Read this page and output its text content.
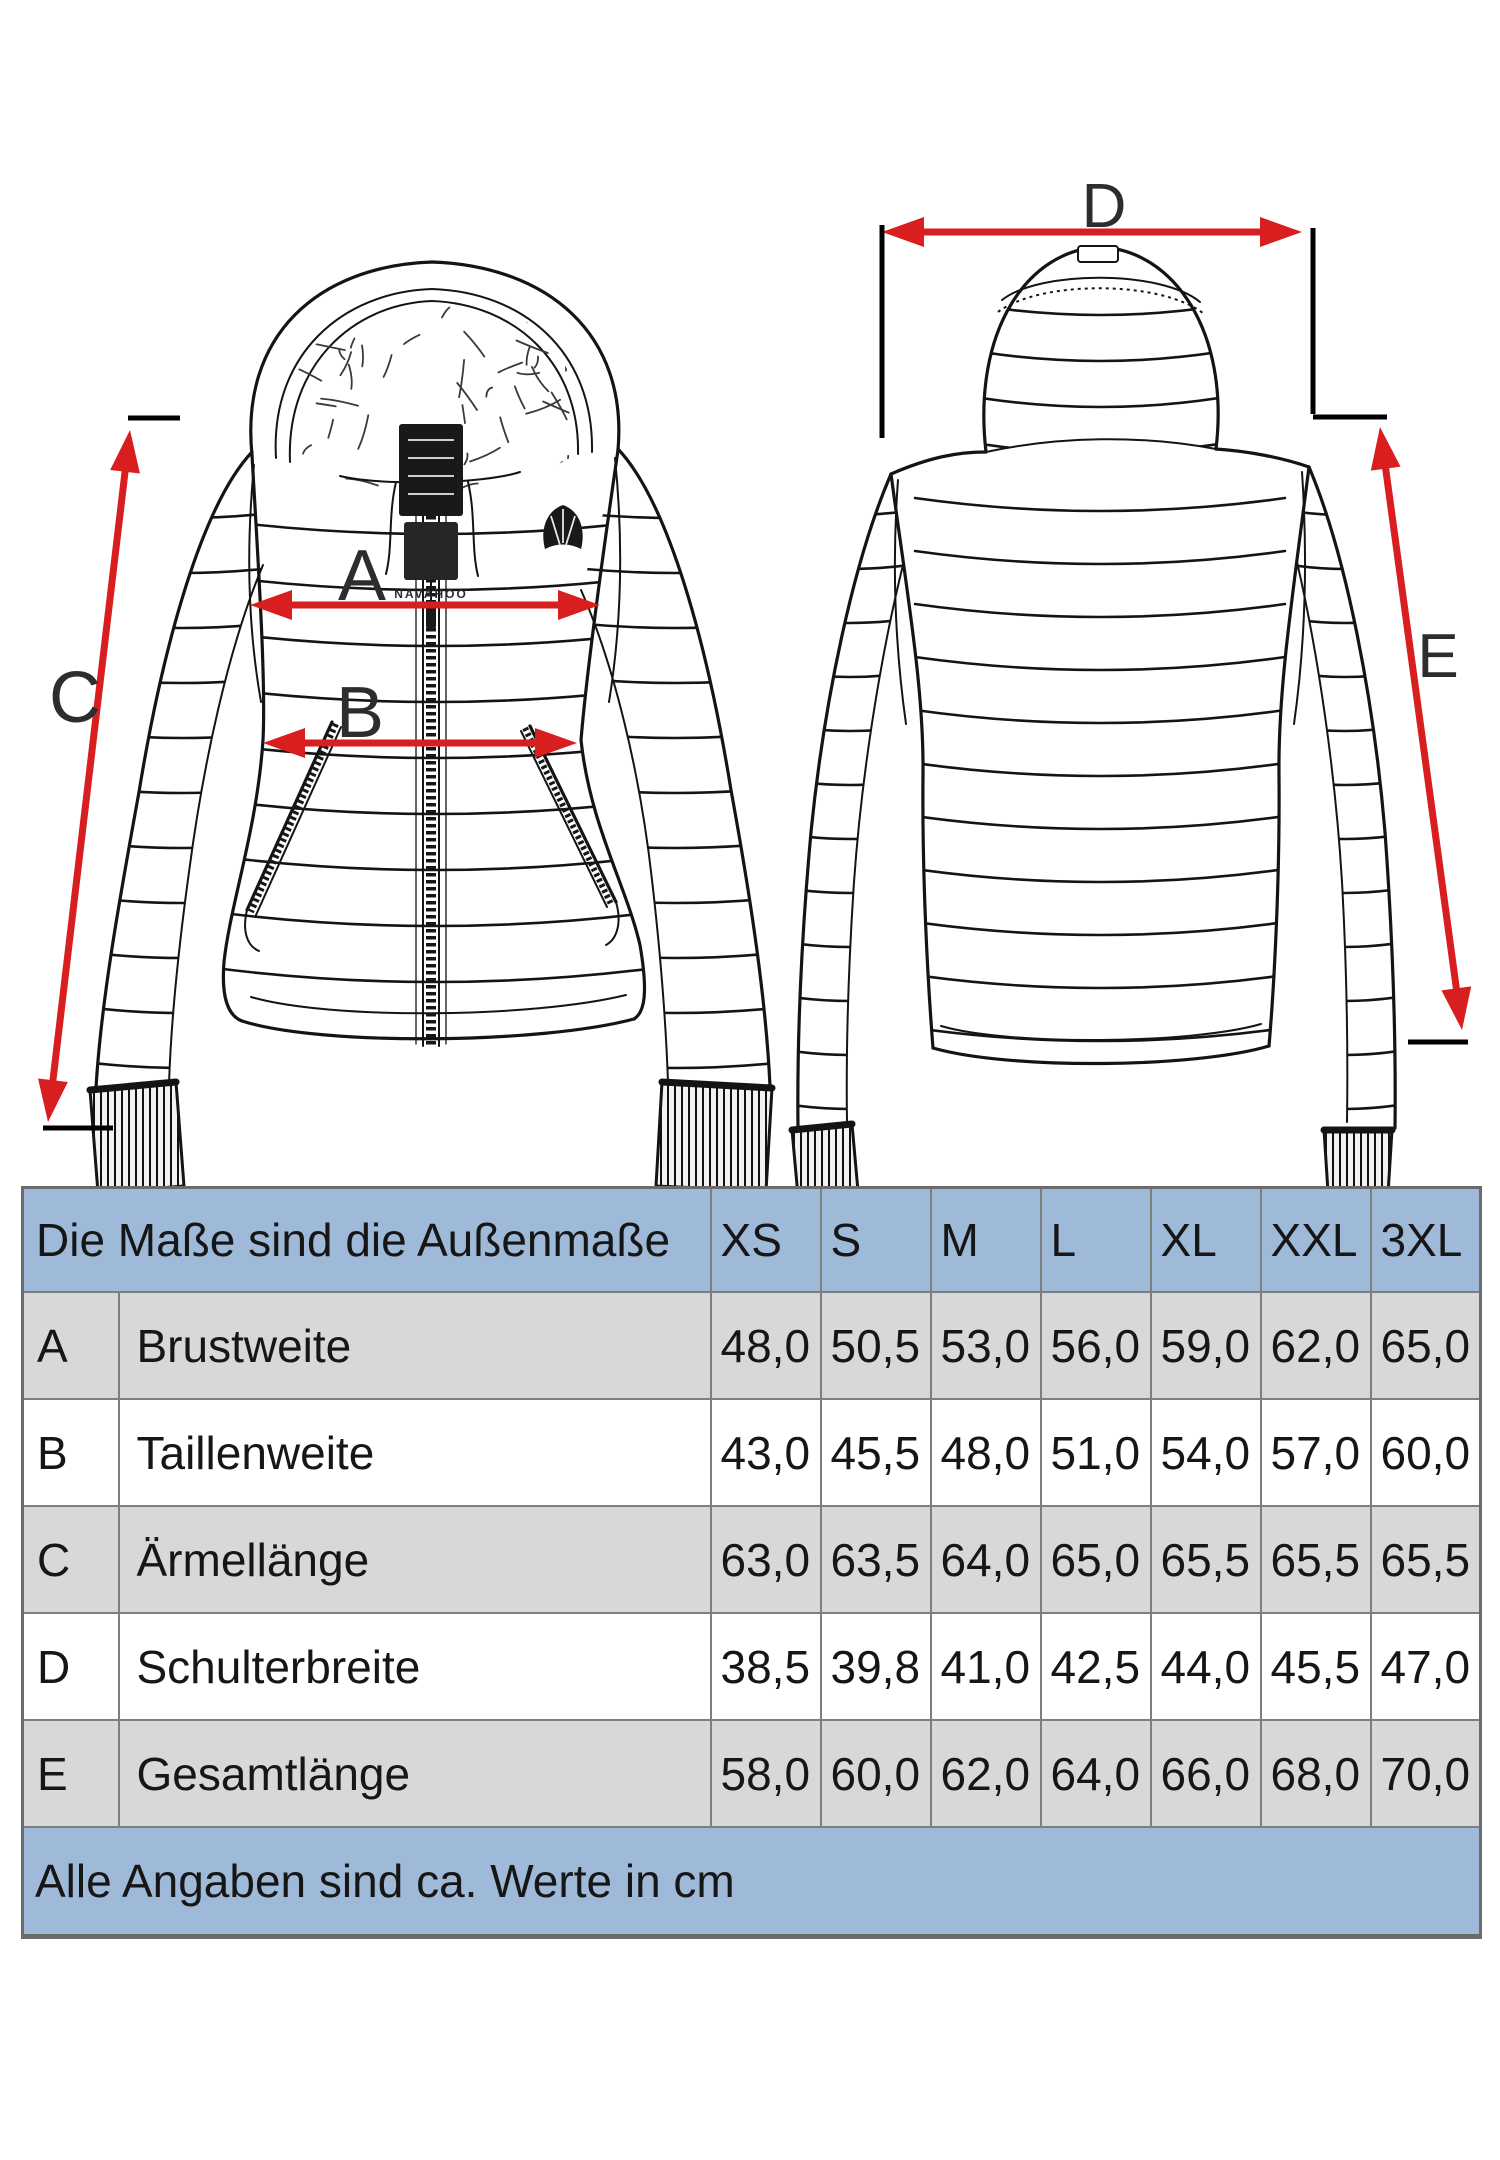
NAVAHOO
A
B
C
D
E
Die Maße sind die Außenmaße		XS	S	M	L	XL	XXL	3XL
A	Brustweite	48,0	50,5	53,0	56,0	59,0	62,0	65,0
B	Taillenweite	43,0	45,5	48,0	51,0	54,0	57,0	60,0
C	Ärmellänge	63,0	63,5	64,0	65,0	65,5	65,5	65,5
D	Schulterbreite	38,5	39,8	41,0	42,5	44,0	45,5	47,0
E	Gesamtlänge	58,0	60,0	62,0	64,0	66,0	68,0	70,0
Alle Angaben sind ca. Werte in cm								
